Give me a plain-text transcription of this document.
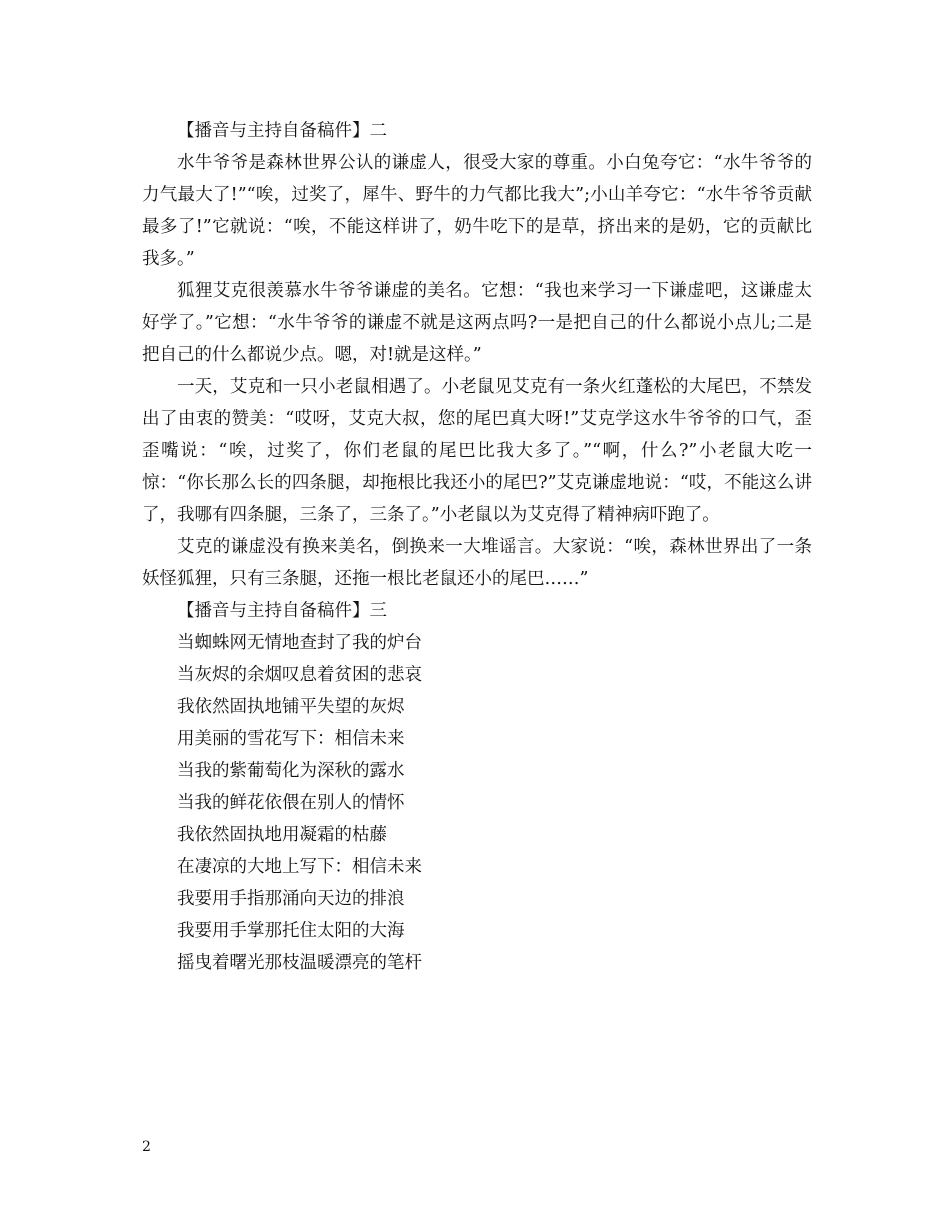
【播音与主持自备稿件】二

水牛爷爷是森林世界公认的谦虚人，很受大家的尊重。小白兔夸它：“水牛爷爷的力气最大了!”“唉，过奖了，犀牛、野牛的力气都比我大”;小山羊夸它：“水牛爷爷贡献最多了!”它就说：“唉，不能这样讲了，奶牛吃下的是草，挤出来的是奶，它的贡献比我多。”

狐狸艾克很羡慕水牛爷爷谦虚的美名。它想：“我也来学习一下谦虚吧，这谦虚太好学了。”它想：“水牛爷爷的谦虚不就是这两点吗?一是把自己的什么都说小点儿;二是把自己的什么都说少点。嗯，对!就是这样。”

一天，艾克和一只小老鼠相遇了。小老鼠见艾克有一条火红蓬松的大尾巴，不禁发出了由衷的赞美：“哎呀，艾克大叔，您的尾巴真大呀!”艾克学这水牛爷爷的口气，歪歪嘴说：“唉，过奖了，你们老鼠的尾巴比我大多了。”“啊，什么?”小老鼠大吃一惊：“你长那么长的四条腿，却拖根比我还小的尾巴?”艾克谦虚地说：“哎，不能这么讲了，我哪有四条腿，三条了，三条了。”小老鼠以为艾克得了精神病吓跑了。

艾克的谦虚没有换来美名，倒换来一大堆谣言。大家说：“唉，森林世界出了一条妖怪狐狸，只有三条腿，还拖一根比老鼠还小的尾巴……”

【播音与主持自备稿件】三

当蜘蛛网无情地查封了我的炉台

当灰烬的余烟叹息着贫困的悲哀

我依然固执地铺平失望的灰烬

用美丽的雪花写下：相信未来

当我的紫葡萄化为深秋的露水

当我的鲜花依偎在别人的情怀

我依然固执地用凝霜的枯藤

在凄凉的大地上写下：相信未来

我要用手指那涌向天边的排浪

我要用手掌那托住太阳的大海

摇曳着曙光那枝温暖漂亮的笔杆

2
